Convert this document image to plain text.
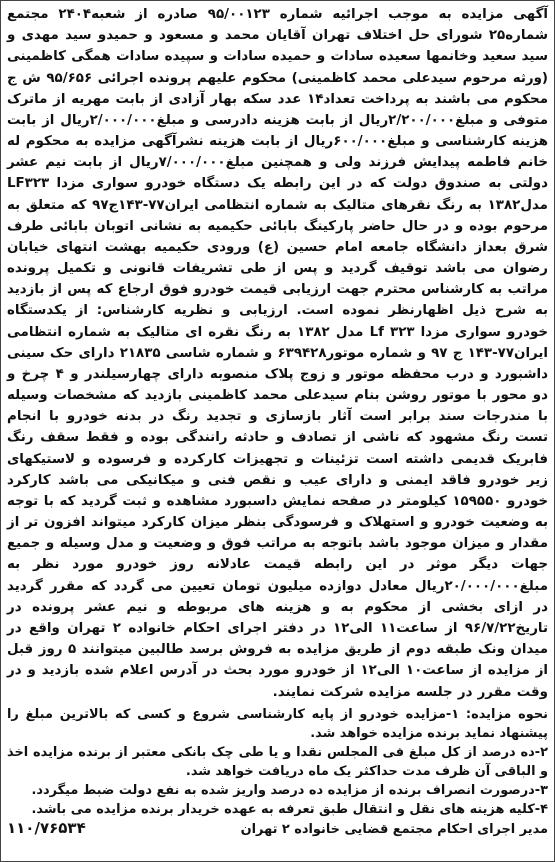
آگهی مزایده به موجب اجرائیه شماره ۹۵/۰۰۱۲۳ صادره از شعبه۲۴۰۴ مجتمع شماره۲۵ شورای حل اختلاف تهران آقایان محمد و مسعود و حمیدو سید مهدی و سید سعید وخانمها سعیده سادات و حمیده سادات و سپیده سادات همگی کاظمینی (ورثه مرحوم سیدعلی محمد کاظمینی) محکوم علیهم پرونده اجرائی ۹۵/۶۵۶ ش ج محکوم می باشند به پرداخت تعداد۱۴ عدد سکه بهار آزادی از بابت مهریه از ماترک متوفی و مبلغ۲/۲۰۰/۰۰۰ریال از بابت هزینه دادرسی و مبلغ۲/۰۰۰/۰۰۰ریال از بابت هزینه کارشناسی و مبلغ۶۰۰/۰۰۰ریال از بابت هزینه نشرآگهی مزایده به محکوم له خانم فاطمه پیدایش فرزند ولی و همچنین مبلغ۷/۰۰۰/۰۰۰ریال از بابت نیم عشر دولتی به صندوق دولت که در این رابطه یک دستگاه خودرو سواری مزدا LF۳۲۳ مدل۱۳۸۲ به رنگ نقرهای متالیک به شماره انتظامی ایران۷۷-۱۴۳ج۹۷ که متعلق به مرحوم بوده و در حال حاضر پارکینگ بابائی حکیمیه به نشانی اتوبان بابائی طرف شرق بعداز دانشگاه جامعه امام حسین (ع) ورودی حکیمیه بهشت انتهای خیابان رضوان می باشد توقیف گردید و پس از طی تشریفات قانونی و تکمیل پرونده مراتب به کارشناس محترم جهت ارزیابی قیمت خودرو فوق ارجاع که پس از بازدید به شرح ذیل اظهارنظر نموده است. ارزیابی و نظریه کارشناس: از یکدستگاه خودرو سواری مزدا Lf ۳۲۳ مدل ۱۳۸۲ به رنگ نقره ای متالیک به شماره انتظامی ایران۷۷-۱۴۳ ج ۹۷ و شماره موتور۶۳۹۴۲۸ و شماره شاسی ۲۱۸۳۵ دارای حک سینی داشبورد و درب محفظه موتور و زوج پلاک منصوبه دارای چهارسیلندر و ۴ چرخ و دو محور با موتور روشن بنام سیدعلی محمد کاظمینی بازدید که مشخصات وسیله با مندرجات سند برابر است آثار بازسازی و تجدید رنگ در بدنه خودرو با انجام تست رنگ مشهود که ناشی از تصادف و حادثه رانندگی بوده و فقط سقف رنگ فابریک قدیمی داشته است تزئینات و تجهیزات کارکرده و فرسوده و لاستیکهای زیر خودرو فاقد ایمنی و دارای عیب و نقص فنی و میکانیکی می باشد کارکرد خودرو ۱۵۹۵۵۰ کیلومتر در صفحه نمایش داسبورد مشاهده و ثبت گردید که با توجه به وضعیت خودرو و استهلاک و فرسودگی بنظر میزان کارکرد میتواند افزون تر از مقدار و میزان موجود باشد باتوجه به مراتب فوق و وضعیت و مدل وسیله و جمیع جهات دیگر موثر در این رابطه قیمت عادلانه روز خودرو مورد نظر به مبلغ۲۰/۰۰۰/۰۰۰ریال معادل دوازده میلیون تومان تعیین می گردد که مقرر گردید در ازای بخشی از محکوم به و هزینه های مربوطه و نیم عشر پرونده در تاریخ۹۶/۷/۲۲ از ساعت۱۱ الی۱۲ در دفتر اجرای احکام خانواده ۲ تهران واقع در میدان ونک طبقه دوم از طریق مزایده به فروش برسد طالبین میتوانند ۵ روز قبل از مزایده از ساعت۱۰ الی۱۲ از خودرو مورد بحث در آدرس اعلام شده بازدید و در وقت مقرر در جلسه مزایده شرکت نمایند.

نحوه مزایده: ۱-مزایده خودرو از پایه کارشناسی شروع و کسی که بالاترین مبلغ را پیشنهاد نماید برنده مزایده خواهد شد.

۲-ده درصد از کل مبلغ فی المجلس نقدا و یا طی چک بانکی معتبر از برنده مزایده اخذ و الباقی آن ظرف مدت حداکثر یک ماه دریافت خواهد شد.

۳-درصورت انصراف برنده از مزایده ده درصد واریز شده به نفع دولت ضبط میگردد.

۴-کلیه هزینه های نقل و انتقال طبق تعرفه به عهده خریدار برنده مزایده می باشد.

مدیر اجرای احکام مجتمع قضایی خانواده ۲ تهران
۱۱۰/۷۶۵۳۴
